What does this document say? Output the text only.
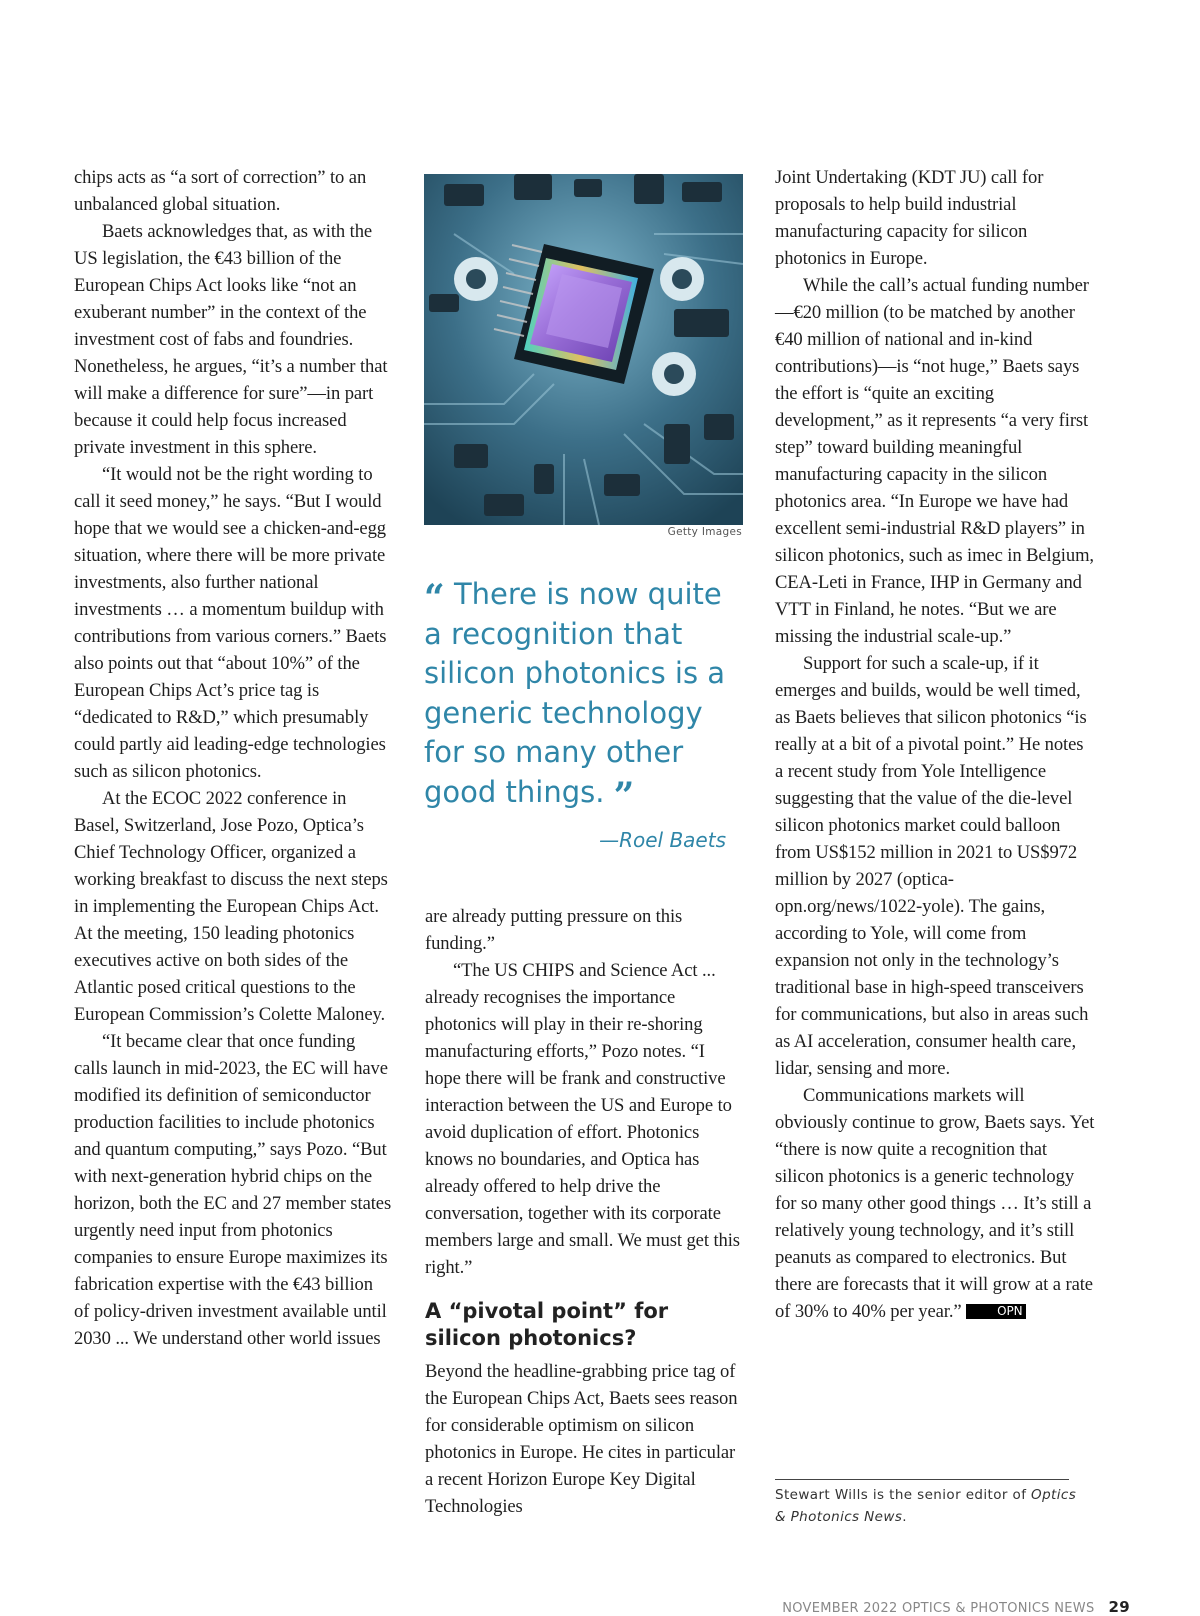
chips acts as “a sort of correction” to an unbalanced global situation.

Baets acknowledges that, as with the US legislation, the €43 billion of the European Chips Act looks like “not an exuberant number” in the context of the investment cost of fabs and foundries. Nonetheless, he argues, “it’s a number that will make a difference for sure”—in part because it could help focus increased private investment in this sphere.

“It would not be the right wording to call it seed money,” he says. “But I would hope that we would see a chicken-and-egg situation, where there will be more private investments, also further national investments … a momentum buildup with contributions from various corners.” Baets also points out that “about 10%” of the European Chips Act’s price tag is “dedicated to R&D,” which presumably could partly aid leading-edge technologies such as silicon photonics.

At the ECOC 2022 conference in Basel, Switzerland, Jose Pozo, Optica’s Chief Technology Officer, organized a working breakfast to discuss the next steps in implementing the European Chips Act. At the meeting, 150 leading photonics executives active on both sides of the Atlantic posed critical questions to the European Commission’s Colette Maloney.

“It became clear that once funding calls launch in mid-2023, the EC will have modified its definition of semiconductor production facilities to include photonics and quantum computing,” says Pozo. “But with next-generation hybrid chips on the horizon, both the EC and 27 member states urgently need input from photonics companies to ensure Europe maximizes its fabrication expertise with the €43 billion of policy-driven investment available until 2030 ... We understand other world issues

Getty Images
“ There is now quite a recognition that silicon photonics is a generic technology for so many other good things. ”
—Roel Baets

are already putting pressure on this funding.”

“The US CHIPS and Science Act ... already recognises the importance photonics will play in their re-shoring manufacturing efforts,” Pozo notes. “I hope there will be frank and constructive interaction between the US and Europe to avoid duplication of effort. Photonics knows no boundaries, and Optica has already offered to help drive the conversation, together with its corporate members large and small. We must get this right.”

A “pivotal point” for silicon photonics?

Beyond the headline-grabbing price tag of the European Chips Act, Baets sees reason for considerable optimism on silicon photonics in Europe. He cites in particular a recent Horizon Europe Key Digital Technologies

Joint Undertaking (KDT JU) call for proposals to help build industrial manufacturing capacity for silicon photonics in Europe.

While the call’s actual funding number—€20 million (to be matched by another €40 million of national and in-kind contributions)—is “not huge,” Baets says the effort is “quite an exciting development,” as it represents “a very first step” toward building meaningful manufacturing capacity in the silicon photonics area. “In Europe we have had excellent semi-industrial R&D players” in silicon photonics, such as imec in Belgium, CEA-Leti in France, IHP in Germany and VTT in Finland, he notes. “But we are missing the industrial scale-up.”

Support for such a scale-up, if it emerges and builds, would be well timed, as Baets believes that silicon photonics “is really at a bit of a pivotal point.” He notes a recent study from Yole Intelligence suggesting that the value of the die-level silicon photonics market could balloon from US$152 million in 2021 to US$972 million by 2027 (optica-opn.org/news/1022-yole). The gains, according to Yole, will come from expansion not only in the technology’s traditional base in high-speed transceivers for communications, but also in areas such as AI acceleration, consumer health care, lidar, sensing and more.

Communications markets will obviously continue to grow, Baets says. Yet “there is now quite a recognition that silicon photonics is a generic technology for so many other good things … It’s still a relatively young technology, and it’s still peanuts as compared to electronics. But there are forecasts that it will grow at a rate of 30% to 40% per year.”	OPN

Stewart Wills is the senior editor of Optics & Photonics News.
NOVEMBER 2022 OPTICS & PHOTONICS NEWS 29
